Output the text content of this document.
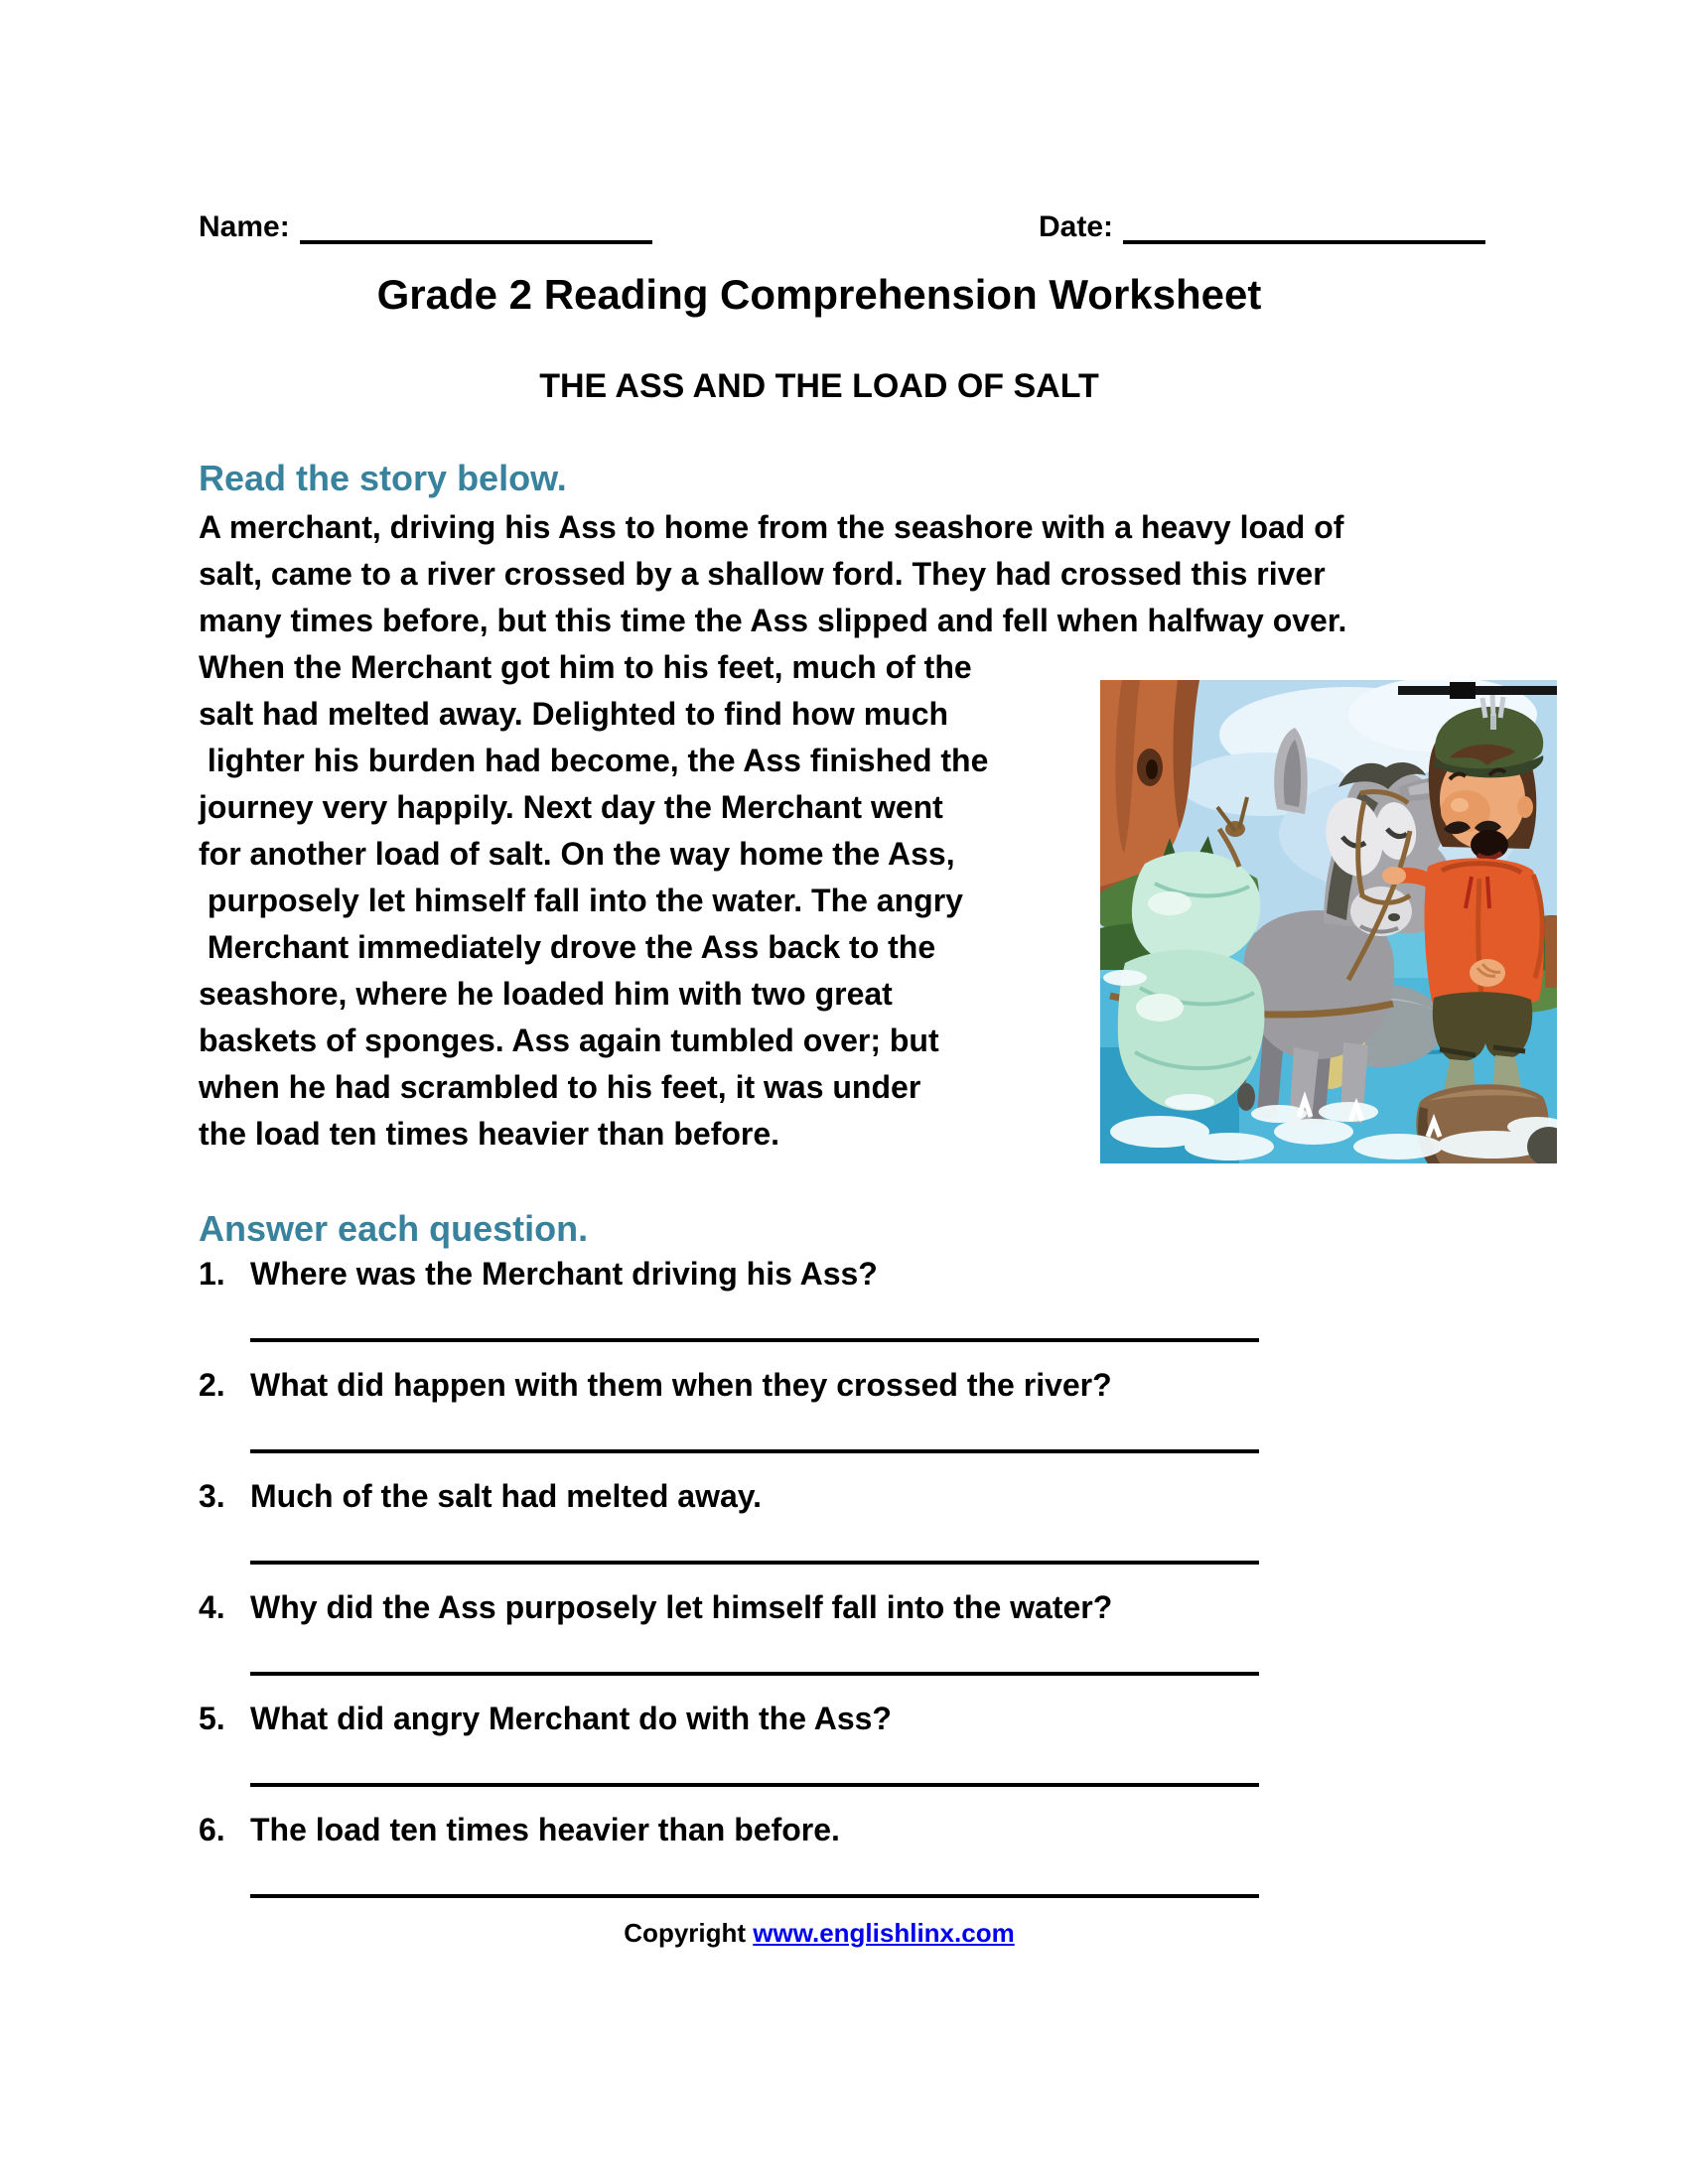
Name:	Date:
Grade 2 Reading Comprehension Worksheet
THE ASS AND THE LOAD OF SALT
Read the story below.
A merchant, driving his Ass to home from the seashore with a heavy load of
salt, came to a river crossed by a shallow ford. They had crossed this river
many times before, but this time the Ass slipped and fell when halfway over.
When the Merchant got him to his feet, much of the
salt had melted away. Delighted to find how much
lighter his burden had become, the Ass finished the
journey very happily. Next day the Merchant went
for another load of salt. On the way home the Ass,
purposely let himself fall into the water. The angry
Merchant immediately drove the Ass back to the
seashore, where he loaded him with two great
baskets of sponges. Ass again tumbled over; but
when he had scrambled to his feet, it was under
the load ten times heavier than before.
Answer each question.
1. Where was the Merchant driving his Ass?
2. What did happen with them when they crossed the river?
3. Much of the salt had melted away.
4. Why did the Ass purposely let himself fall into the water?
5. What did angry Merchant do with the Ass?
6. The load ten times heavier than before.
Copyright www.englishlinx.com
